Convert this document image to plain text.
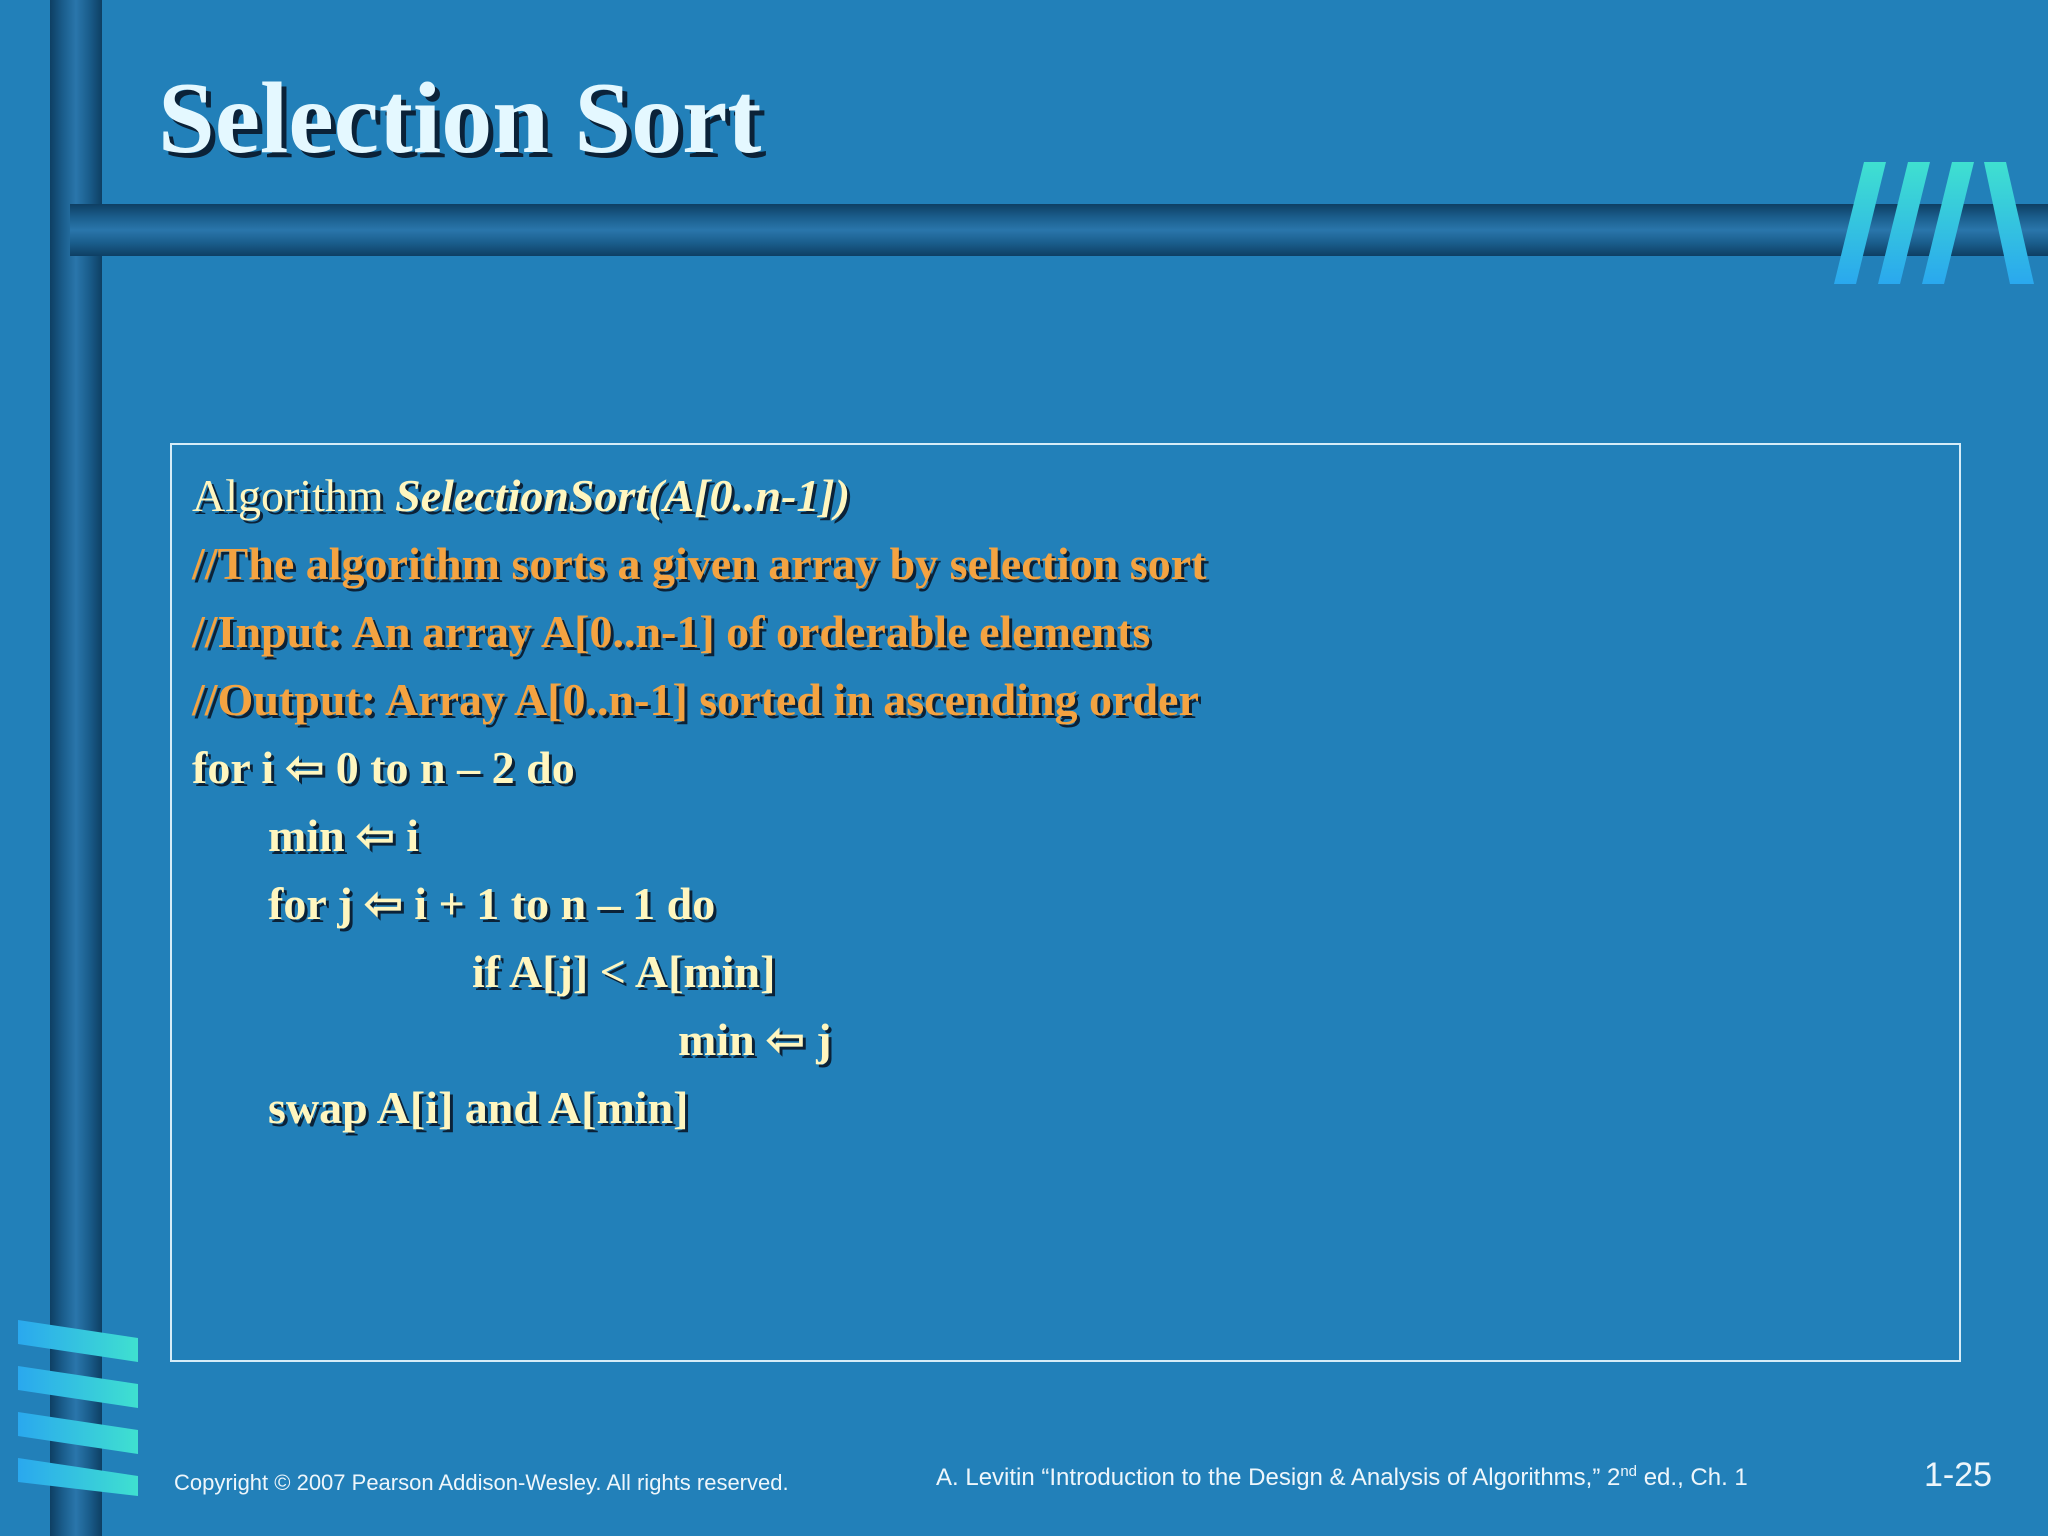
Selection Sort
Algorithm SelectionSort(A[0..n-1])
//The algorithm sorts a given array by selection sort
//Input: An array A[0..n-1] of orderable elements
//Output: Array A[0..n-1] sorted in ascending order
for i ⇦ 0 to n – 2 do
min ⇦ i
for j ⇦ i + 1 to n – 1 do
if A[j] < A[min]
min ⇦ j
swap A[i] and A[min]
Copyright © 2007 Pearson Addison-Wesley. All rights reserved.	A. Levitin “Introduction to the Design & Analysis of Algorithms,” 2nd ed., Ch. 1	1-25
